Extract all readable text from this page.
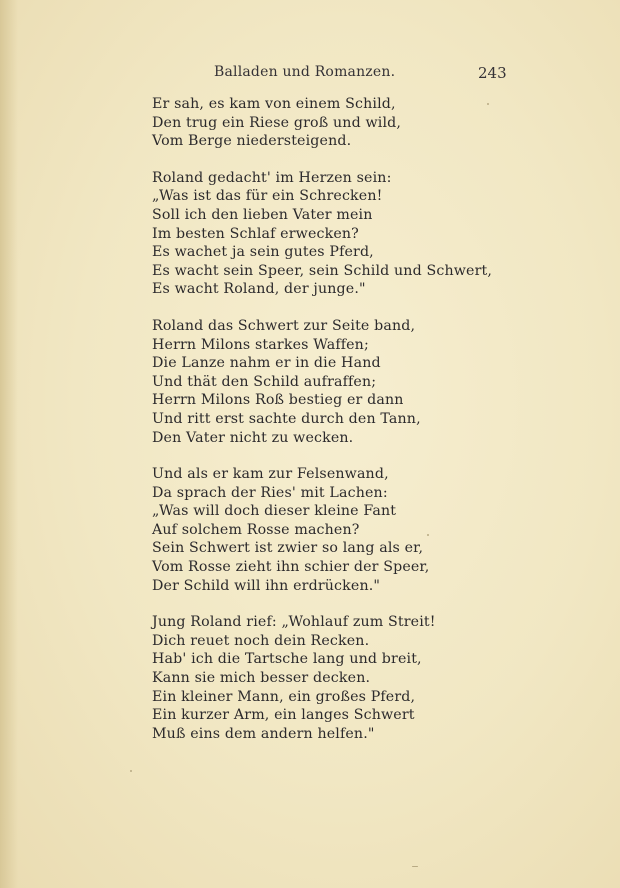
Balladen und Romanzen.	243
Er sah, es kam von einem Schild,
Den trug ein Riese groß und wild,
Vom Berge niedersteigend.
Roland gedacht' im Herzen sein:
„Was ist das für ein Schrecken!
Soll ich den lieben Vater mein
Im besten Schlaf erwecken?
Es wachet ja sein gutes Pferd,
Es wacht sein Speer, sein Schild und Schwert,
Es wacht Roland, der junge."
Roland das Schwert zur Seite band,
Herrn Milons starkes Waffen;
Die Lanze nahm er in die Hand
Und thät den Schild aufraffen;
Herrn Milons Roß bestieg er dann
Und ritt erst sachte durch den Tann,
Den Vater nicht zu wecken.
Und als er kam zur Felsenwand,
Da sprach der Ries' mit Lachen:
„Was will doch dieser kleine Fant
Auf solchem Rosse machen?
Sein Schwert ist zwier so lang als er,
Vom Rosse zieht ihn schier der Speer,
Der Schild will ihn erdrücken."
Jung Roland rief: „Wohlauf zum Streit!
Dich reuet noch dein Recken.
Hab' ich die Tartsche lang und breit,
Kann sie mich besser decken.
Ein kleiner Mann, ein großes Pferd,
Ein kurzer Arm, ein langes Schwert
Muß eins dem andern helfen."
